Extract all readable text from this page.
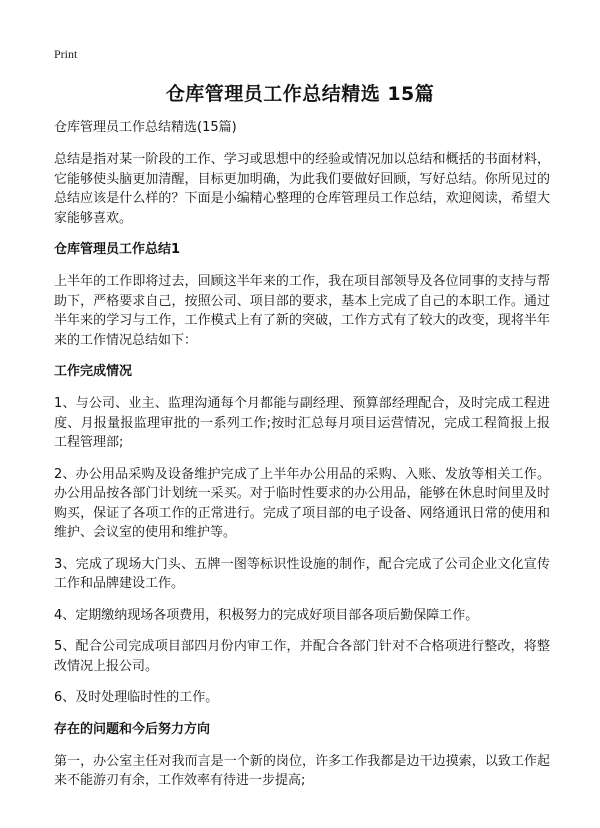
Print
仓库管理员工作总结精选 15篇
仓库管理员工作总结精选(15篇)
总结是指对某一阶段的工作、学习或思想中的经验或情况加以总结和概括的书面材料，它能够使头脑更加清醒，目标更加明确，为此我们要做好回顾，写好总结。你所见过的总结应该是什么样的？下面是小编精心整理的仓库管理员工作总结，欢迎阅读，希望大家能够喜欢。
仓库管理员工作总结1
上半年的工作即将过去，回顾这半年来的工作，我在项目部领导及各位同事的支持与帮助下，严格要求自己，按照公司、项目部的要求，基本上完成了自己的本职工作。通过半年来的学习与工作，工作模式上有了新的突破，工作方式有了较大的改变，现将半年来的工作情况总结如下：
工作完成情况
1、与公司、业主、监理沟通每个月都能与副经理、预算部经理配合，及时完成工程进度、月报量报监理审批的一系列工作;按时汇总每月项目运营情况，完成工程简报上报工程管理部;
2、办公用品采购及设备维护完成了上半年办公用品的采购、入账、发放等相关工作。办公用品按各部门计划统一采买。对于临时性要求的办公用品，能够在休息时间里及时购买，保证了各项工作的正常进行。完成了项目部的电子设备、网络通讯日常的使用和维护、会议室的使用和维护等。
3、完成了现场大门头、五牌一图等标识性设施的制作，配合完成了公司企业文化宣传工作和品牌建设工作。
4、定期缴纳现场各项费用，积极努力的完成好项目部各项后勤保障工作。
5、配合公司完成项目部四月份内审工作，并配合各部门针对不合格项进行整改，将整改情况上报公司。
6、及时处理临时性的工作。
存在的问题和今后努力方向
第一，办公室主任对我而言是一个新的岗位，许多工作我都是边干边摸索，以致工作起来不能游刃有余，工作效率有待进一步提高;
